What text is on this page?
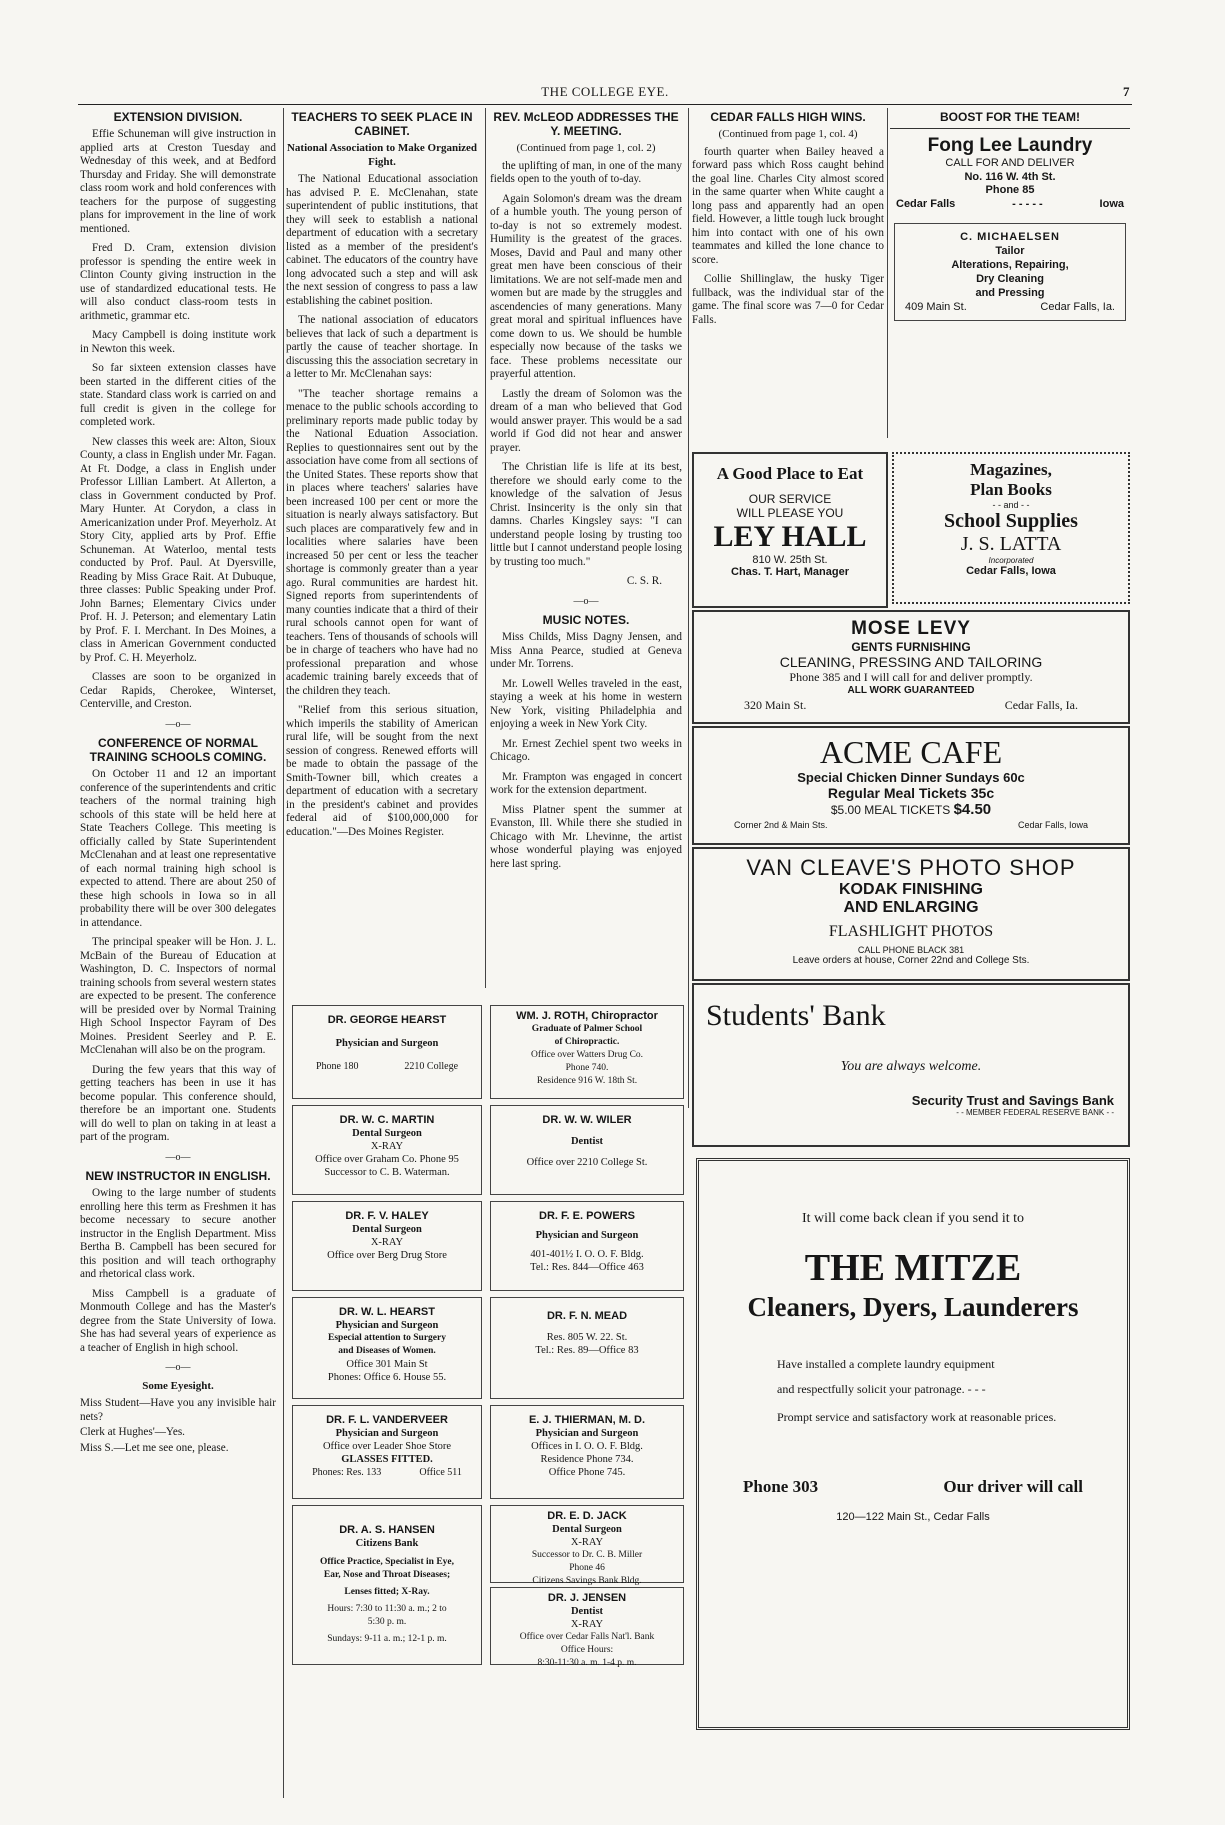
THE COLLEGE EYE.	7
EXTENSION DIVISION.

Effie Schuneman will give instruction in applied arts at Creston Tuesday and Wednesday of this week, and at Bedford Thursday and Friday. She will demonstrate class room work and hold conferences with teachers for the purpose of suggesting plans for improvement in the line of work mentioned.

Fred D. Cram, extension division professor is spending the entire week in Clinton County giving instruction in the use of standardized educational tests. He will also conduct class-room tests in arithmetic, grammar etc.

Macy Campbell is doing institute work in Newton this week.

So far sixteen extension classes have been started in the different cities of the state. Standard class work is carried on and full credit is given in the college for completed work.

New classes this week are: Alton, Sioux County, a class in English under Mr. Fagan. At Ft. Dodge, a class in English under Professor Lillian Lambert. At Allerton, a class in Government conducted by Prof. Mary Hunter. At Corydon, a class in Americanization under Prof. Meyerholz. At Story City, applied arts by Prof. Effie Schuneman. At Waterloo, mental tests conducted by Prof. Paul. At Dyersville, Reading by Miss Grace Rait. At Dubuque, three classes: Public Speaking under Prof. John Barnes; Elementary Civics under Prof. H. J. Peterson; and elementary Latin by Prof. F. I. Merchant. In Des Moines, a class in American Government conducted by Prof. C. H. Meyerholz.

Classes are soon to be organized in Cedar Rapids, Cherokee, Winterset, Centerville, and Creston.

—o—
CONFERENCE OF NORMAL TRAINING SCHOOLS COMING.

On October 11 and 12 an important conference of the superintendents and critic teachers of the normal training high schools of this state will be held here at State Teachers College. This meeting is officially called by State Superintendent McClenahan and at least one representative of each normal training high school is expected to attend. There are about 250 of these high schools in Iowa so in all probability there will be over 300 delegates in attendance.

The principal speaker will be Hon. J. L. McBain of the Bureau of Education at Washington, D. C. Inspectors of normal training schools from several western states are expected to be present. The conference will be presided over by Normal Training High School Inspector Fayram of Des Moines. President Seerley and P. E. McClenahan will also be on the program.

During the few years that this way of getting teachers has been in use it has become popular. This conference should, therefore be an important one. Students will do well to plan on taking in at least a part of the program.

—o—
NEW INSTRUCTOR IN ENGLISH.

Owing to the large number of students enrolling here this term as Freshmen it has become necessary to secure another instructor in the English Department. Miss Bertha B. Campbell has been secured for this position and will teach orthography and rhetorical class work.

Miss Campbell is a graduate of Monmouth College and has the Master's degree from the State University of Iowa. She has had several years of experience as a teacher of English in high school.

—o—
Some Eyesight.

Miss Student—Have you any invisible hair nets?

Clerk at Hughes'—Yes.

Miss S.—Let me see one, please.

TEACHERS TO SEEK PLACE IN CABINET.
National Association to Make Organized Fight.

The National Educational association has advised P. E. McClenahan, state superintendent of public institutions, that they will seek to establish a national department of education with a secretary listed as a member of the president's cabinet. The educators of the country have long advocated such a step and will ask the next session of congress to pass a law establishing the cabinet position.

The national association of educators believes that lack of such a department is partly the cause of teacher shortage. In discussing this the association secretary in a letter to Mr. McClenahan says:

"The teacher shortage remains a menace to the public schools according to preliminary reports made public today by the National Eduation Association. Replies to questionnaires sent out by the association have come from all sections of the United States. These reports show that in places where teachers' salaries have been increased 100 per cent or more the situation is nearly always satisfactory. But such places are comparatively few and in localities where salaries have been increased 50 per cent or less the teacher shortage is commonly greater than a year ago. Rural communities are hardest hit. Signed reports from superintendents of many counties indicate that a third of their rural schools cannot open for want of teachers. Tens of thousands of schools will be in charge of teachers who have had no professional preparation and whose academic training barely exceeds that of the children they teach.

"Relief from this serious situation, which imperils the stability of American rural life, will be sought from the next session of congress. Renewed efforts will be made to obtain the passage of the Smith-Towner bill, which creates a department of education with a secretary in the president's cabinet and provides federal aid of $100,000,000 for education."—Des Moines Register.

REV. McLEOD ADDRESSES THE Y. MEETING.
(Continued from page 1, col. 2)

the uplifting of man, in one of the many fields open to the youth of to-day.

Again Solomon's dream was the dream of a humble youth. The young person of to-day is not so extremely modest. Humility is the greatest of the graces. Moses, David and Paul and many other great men have been conscious of their limitations. We are not self-made men and women but are made by the struggles and ascendencies of many generations. Many great moral and spiritual influences have come down to us. We should be humble especially now because of the tasks we face. These problems necessitate our prayerful attention.

Lastly the dream of Solomon was the dream of a man who believed that God would answer prayer. This would be a sad world if God did not hear and answer prayer.

The Christian life is life at its best, therefore we should early come to the knowledge of the salvation of Jesus Christ. Insincerity is the only sin that damns. Charles Kingsley says: "I can understand people losing by trusting too little but I cannot understand people losing by trusting too much."

C. S. R.

—o—
MUSIC NOTES.

Miss Childs, Miss Dagny Jensen, and Miss Anna Pearce, studied at Geneva under Mr. Torrens.

Mr. Lowell Welles traveled in the east, staying a week at his home in western New York, visiting Philadelphia and enjoying a week in New York City.

Mr. Ernest Zechiel spent two weeks in Chicago.

Mr. Frampton was engaged in concert work for the extension department.

Miss Platner spent the summer at Evanston, Ill. While there she studied in Chicago with Mr. Lhevinne, the artist whose wonderful playing was enjoyed here last spring.

CEDAR FALLS HIGH WINS.
(Continued from page 1, col. 4)

fourth quarter when Bailey heaved a forward pass which Ross caught behind the goal line. Charles City almost scored in the same quarter when White caught a long pass and apparently had an open field. However, a little tough luck brought him into contact with one of his own teammates and killed the lone chance to score.

Collie Shillinglaw, the husky Tiger fullback, was the individual star of the game. The final score was 7—0 for Cedar Falls.

BOOST FOR THE TEAM!
Fong Lee Laundry
CALL FOR AND DELIVER
No. 116 W. 4th St.
Phone 85
Cedar Falls	- - - - -	Iowa
C. MICHAELSEN
Tailor
Alterations, Repairing,
Dry Cleaning
and Pressing
409 Main St.	Cedar Falls, Ia.
A Good Place to Eat
OUR SERVICE
WILL PLEASE YOU
LEY HALL
810 W. 25th St.
Chas. T. Hart, Manager
Magazines,
Plan Books
- - and - -
School Supplies
J. S. LATTA
Incorporated
Cedar Falls, Iowa
MOSE LEVY
GENTS FURNISHING
CLEANING, PRESSING AND TAILORING
Phone 385 and I will call for and deliver promptly.
ALL WORK GUARANTEED
320 Main St.	Cedar Falls, Ia.
ACME CAFE
Special Chicken Dinner Sundays 60c
Regular Meal Tickets 35c
$5.00 MEAL TICKETS $4.50
Corner 2nd & Main Sts.	Cedar Falls, Iowa
VAN CLEAVE'S PHOTO SHOP
KODAK FINISHING
AND ENLARGING
FLASHLIGHT PHOTOS
CALL PHONE BLACK 381
Leave orders at house, Corner 22nd and College Sts.
Students' Bank
You are always welcome.
Security Trust and Savings Bank
- - MEMBER FEDERAL RESERVE BANK - -
It will come back clean if you send it to
THE MITZE
Cleaners, Dyers, Launderers
Have installed a complete laundry equipment
and respectfully solicit your patronage. - - -
Prompt service and satisfactory work at reasonable prices.
Phone 303	Our driver will call
120—122 Main St., Cedar Falls
DR. GEORGE HEARST
Physician and Surgeon
Phone 180	2210 College
DR. W. C. MARTIN
Dental Surgeon
X-RAY
Office over Graham Co. Phone 95
Successor to C. B. Waterman.
DR. F. V. HALEY
Dental Surgeon
X-RAY
Office over Berg Drug Store
DR. W. L. HEARST
Physician and Surgeon
Especial attention to Surgery
and Diseases of Women.
Office 301 Main St
Phones: Office 6. House 55.
DR. F. L. VANDERVEER
Physician and Surgeon
Office over Leader Shoe Store
GLASSES FITTED.
Phones: Res. 133	Office 511
DR. A. S. HANSEN
Citizens Bank
Office Practice, Specialist in Eye,
Ear, Nose and Throat Diseases;
Lenses fitted; X-Ray.
Hours: 7:30 to 11:30 a. m.; 2 to
5:30 p. m.
Sundays: 9-11 a. m.; 12-1 p. m.
WM. J. ROTH, Chiropractor
Graduate of Palmer School
of Chiropractic.
Office over Watters Drug Co.
Phone 740.
Residence 916 W. 18th St.
DR. W. W. WILER
Dentist
Office over 2210 College St.
DR. F. E. POWERS
Physician and Surgeon
401-401½ I. O. O. F. Bldg.
Tel.: Res. 844—Office 463
DR. F. N. MEAD
Res. 805 W. 22. St.
Tel.: Res. 89—Office 83
E. J. THIERMAN, M. D.
Physician and Surgeon
Offices in I. O. O. F. Bldg.
Residence Phone 734.
Office Phone 745.
DR. E. D. JACK
Dental Surgeon
X-RAY
Successor to Dr. C. B. Miller
Phone 46
Citizens Savings Bank Bldg.
DR. J. JENSEN
Dentist
X-RAY
Office over Cedar Falls Nat'l. Bank
Office Hours:
8:30-11:30 a. m. 1-4 p. m.
